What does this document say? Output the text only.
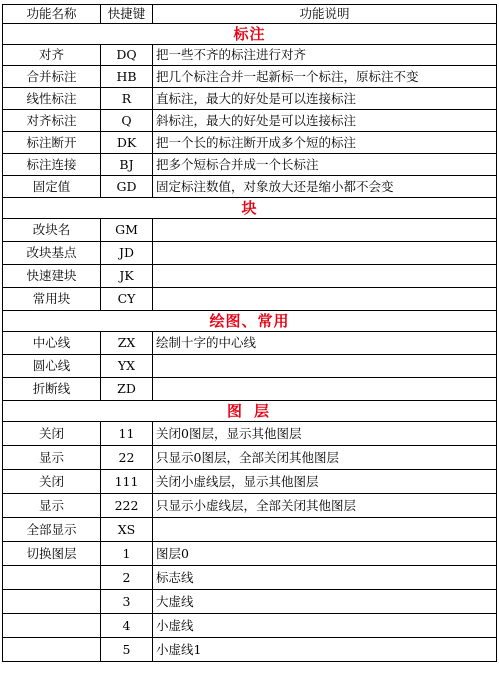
功能名称	快捷键	功能说明
标注		
对齐	DQ	把一些不齐的标注进行对齐
合并标注	HB	把几个标注合并一起新标一个标注，原标注不变
线性标注	R	直标注，最大的好处是可以连接标注
对齐标注	Q	斜标注，最大的好处是可以连接标注
标注断开	DK	把一个长的标注断开成多个短的标注
标注连接	BJ	把多个短标合并成一个长标注
固定值	GD	固定标注数值，对象放大还是缩小都不会变
块		
改块名	GM	
改块基点	JD	
快速建块	JK	
常用块	CY	
绘图、常用		
中心线	ZX	绘制十字的中心线
圆心线	YX	
折断线	ZD	
图层		
关闭	11	关闭0图层，显示其他图层
显示	22	只显示0图层，全部关闭其他图层
关闭	111	关闭小虚线层，显示其他图层
显示	222	只显示小虚线层，全部关闭其他图层
全部显示	XS	
切换图层	1	图层0
	2	标志线
	3	大虚线
	4	小虚线
	5	小虚线1
